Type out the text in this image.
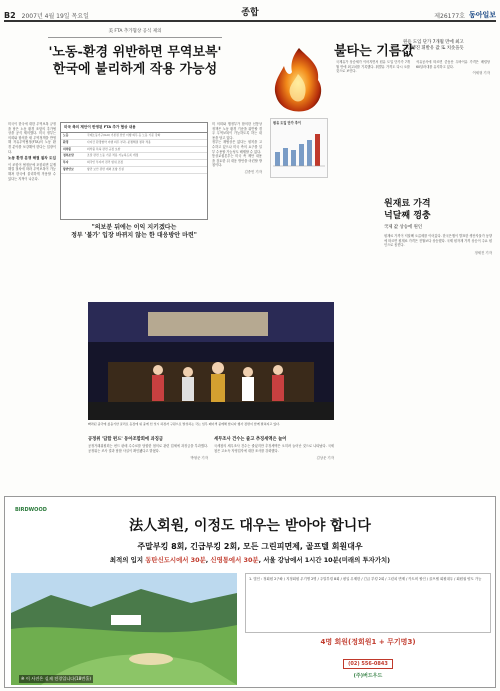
B2 2007년 4월 19일 목요일	종합	제26177호 동아일보
美 FTA 추가협상 공식 제의
'노동-환경 위반하면 무역보복'
한국에 불리하게 작용 가능성

미국이 한국에 대한 무역보복 규정을 담은 노동 환경 조항의 추가협상을 공식 제의했다. 미국 정부는 의회와 합의한 새 무역정책을 반영해 자유무역협정(FTA)의 노동 환경 분야를 보강해야 한다는 입장이다.

노동 환경 분쟁 해결 절차 도입

이 조항이 협정문에 포함되면 분쟁해결 절차에 따라 무역보복이 가능해져 한국에 불리하게 작용할 수 있다는 지적이 나온다.

미국 측의 제안이 반영된 FTA 추가 협상 내용
노동	국제노동기구(ILO) 기본권 선언 이행 의무 등 노동 기준 강화
환경	다자간 환경협약 이행 의무 부과, 분쟁해결 절차 적용
의약품	의약품 특허 관련 규정 보완
정부조달	조달 관련 노동 기준 적용 가능하도록 개정
투자	외국인 투자자 권리 범위 조정
항만안보	항만 보안 관련 예외 조항 신설
"의보분 뒤에는 이익 지키겠다는
정부 '불가' 입장 바뀌지 않는 한 대응방안 마련"

미 의회와 행정부가 합의한 신통상정책은 노동 환경 기준을 위반할 경우 무역보복이 가능하도록 하는 내용을 담고 있다.

정부는 재협상은 없다는 원칙을 고수하고 있으나 미국 측의 요구를 일부 수용할 가능성도 배제할 수 없다.

통상교섭본부는 미국 측 제안 내용을 검토한 뒤 대응 방안을 마련할 방침이다.

김종민 기자

불타는 기름값
원유 도입 단가 7개월 만에 최고
고공행진 휘발유 값 또 치솟을듯
원유 도입 단가 추이

국제유가 상승세가 이어지면서 원유 도입 단가가 7개월 만에 최고치를 기록했다. 휘발유 가격도 다시 오를 것으로 보인다.

석유공사에 따르면 중동산 두바이유 가격은 배럴당 60달러대를 유지하고 있다.

이세형 기자

빠라된 중국에 섰음기한 굴리로 등장에 위 중에 선 잇시 하정자 구원으로 발성하는 국는 입무 페이색 중에해 합니다 행사 장면이 함께 펼쳐지고 있다.
원재료 가격
넉달째 껑충
국제 값 상승에 원인
원재료 가격이 넉달째 오름세를 이어갔다. 한국은행이 발표한 생산자물가 동향에 따르면 원재료 가격은 전월보다 상승했다. 국제 원자재 가격 상승이 주요 원인으로 꼽힌다.
정세진 기자
공정위 '담합 펀드' 동아조합회에 과징금
공정거래위원회는 펀드 판매 수수료를 담합한 혐의로 관련 업체에 과징금을 부과했다. 공정위는 조사 결과 담합 사실이 확인됐다고 밝혔다.
박형준 기자
세무조사 건수는 줄고 추징세액은 늘어
국세청의 세무조사 건수는 줄었지만 추징세액은 오히려 늘어난 것으로 나타났다. 국세청은 고소득 자영업자에 대한 조사를 강화했다.
김상운 기자
BIRDWOOD
法人회원, 이정도 대우는 받아야 합니다
주말부킹 8회, 긴급부킹 2회, 모든 그린피면제, 골프텔 회원대우
최적의 입지 동탄신도시에서 30분, 신영통에서 30분, 서울 강남에서 1시간 10분(미래의 투자가치)
※ 이 사진은 실제 전경입니다(18번홀)
1. 법인 : 정회원 2구좌 / 지정회원 무기명 2명 / 주말부킹 8회 / 평일 무제한 / 긴급 부킹 2회 / 그린피 면제 / 카트비 할인 / 골프텔 회원대우 / 회원권 양도 가능
4명 회원(정회원1 + 무기명3)
(02) 556-0843
(주)버드우드
